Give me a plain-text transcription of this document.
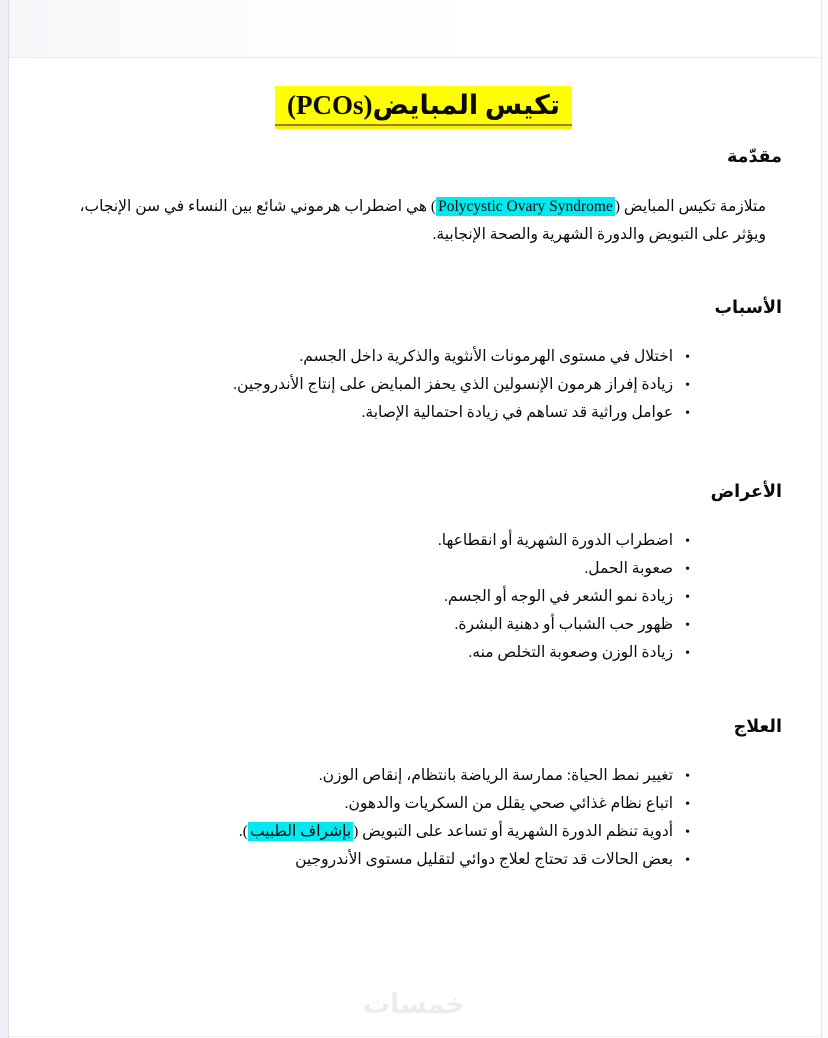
تكيس المبايض(PCOs)
مقدّمة

متلازمة تكيس المبايض (Polycystic Ovary Syndrome) هي اضطراب هرموني شائع بين النساء في سن الإنجاب، ويؤثر على التبويض والدورة الشهرية والصحة الإنجابية.

الأسباب
•
اختلال في مستوى الهرمونات الأنثوية والذكرية داخل الجسم.
•
زيادة إفراز هرمون الإنسولين الذي يحفز المبايض على إنتاج الأندروجين.
•
عوامل وراثية قد تساهم في زيادة احتمالية الإصابة.
الأعراض
•
اضطراب الدورة الشهرية أو انقطاعها.
•
صعوبة الحمل.
•
زيادة نمو الشعر في الوجه أو الجسم.
•
ظهور حب الشباب أو دهنية البشرة.
•
زيادة الوزن وصعوبة التخلص منه.
العلاج
•
تغيير نمط الحياة: ممارسة الرياضة بانتظام، إنقاص الوزن.
•
اتباع نظام غذائي صحي يقلل من السكريات والدهون.
•
أدوية تنظم الدورة الشهرية أو تساعد على التبويض (بإشراف الطبيب).
•
بعض الحالات قد تحتاج لعلاج دوائي لتقليل مستوى الأندروجين
خمسات
